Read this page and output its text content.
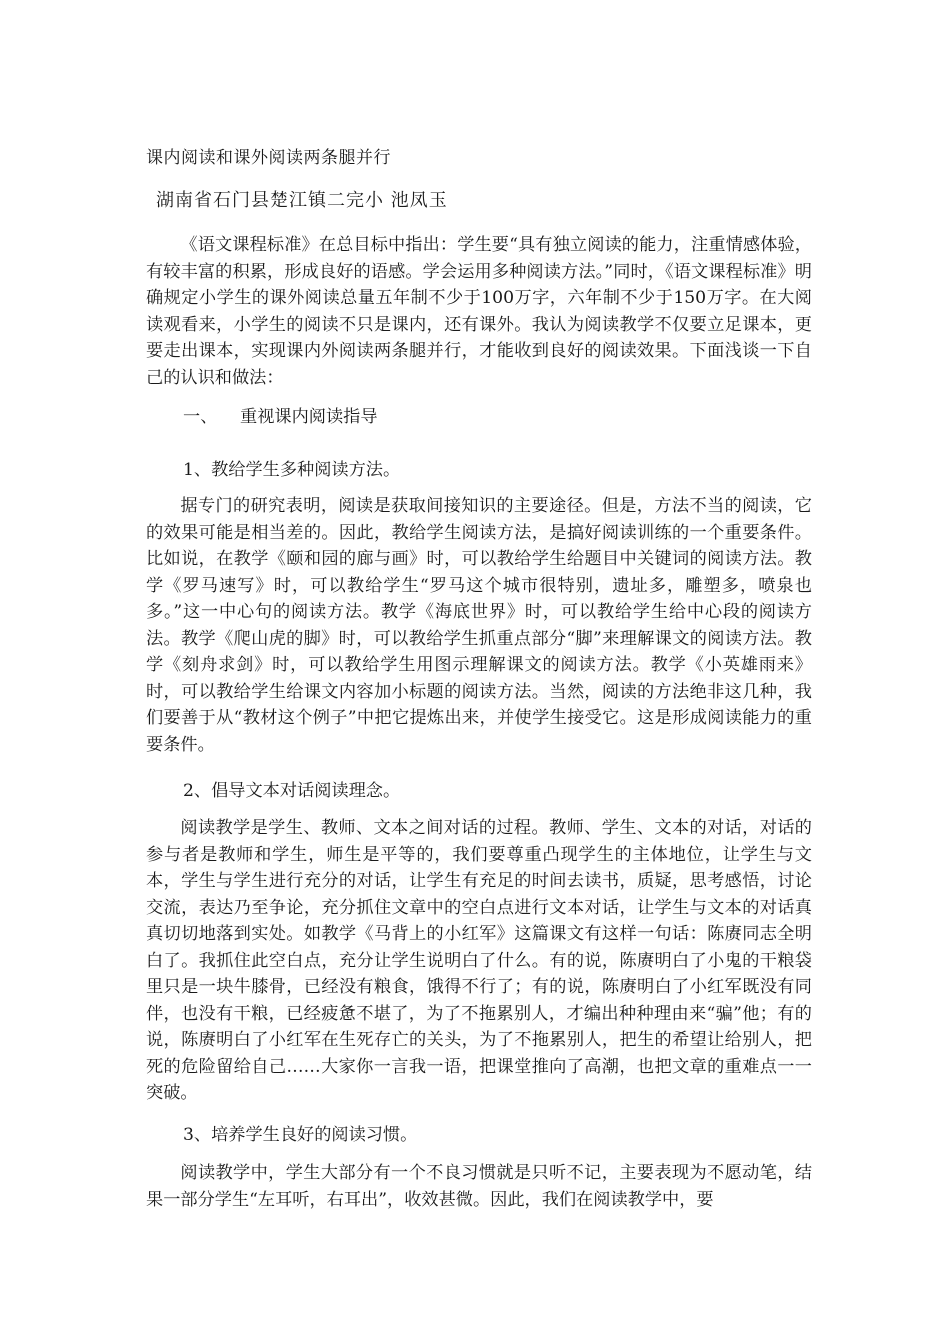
课内阅读和课外阅读两条腿并行
湖南省石门县楚江镇二完小 池凤玉

《语文课程标准》在总目标中指出：学生要“具有独立阅读的能力，注重情感体验，有较丰富的积累，形成良好的语感。学会运用多种阅读方法。”同时，《语文课程标准》明确规定小学生的课外阅读总量五年制不少于100万字，六年制不少于150万字。在大阅读观看来，小学生的阅读不只是课内，还有课外。我认为阅读教学不仅要立足课本，更要走出课本，实现课内外阅读两条腿并行，才能收到良好的阅读效果。下面浅谈一下自己的认识和做法：

一、 重视课内阅读指导

1、教给学生多种阅读方法。

据专门的研究表明，阅读是获取间接知识的主要途径。但是，方法不当的阅读，它的效果可能是相当差的。因此，教给学生阅读方法，是搞好阅读训练的一个重要条件。比如说，在教学《颐和园的廊与画》时，可以教给学生给题目中关键词的阅读方法。教学《罗马速写》时，可以教给学生“罗马这个城市很特别，遗址多，雕塑多，喷泉也多。”这一中心句的阅读方法。教学《海底世界》时，可以教给学生给中心段的阅读方法。教学《爬山虎的脚》时，可以教给学生抓重点部分“脚”来理解课文的阅读方法。教学《刻舟求剑》时，可以教给学生用图示理解课文的阅读方法。教学《小英雄雨来》时，可以教给学生给课文内容加小标题的阅读方法。当然，阅读的方法绝非这几种，我们要善于从“教材这个例子”中把它提炼出来，并使学生接受它。这是形成阅读能力的重要条件。

2、倡导文本对话阅读理念。

阅读教学是学生、教师、文本之间对话的过程。教师、学生、文本的对话，对话的参与者是教师和学生，师生是平等的，我们要尊重凸现学生的主体地位，让学生与文本，学生与学生进行充分的对话，让学生有充足的时间去读书，质疑，思考感悟，讨论交流，表达乃至争论，充分抓住文章中的空白点进行文本对话，让学生与文本的对话真真切切地落到实处。如教学《马背上的小红军》这篇课文有这样一句话：陈赓同志全明白了。我抓住此空白点，充分让学生说明白了什么。有的说，陈赓明白了小鬼的干粮袋里只是一块牛膝骨，已经没有粮食，饿得不行了；有的说，陈赓明白了小红军既没有同伴，也没有干粮，已经疲惫不堪了，为了不拖累别人，才编出种种理由来“骗”他；有的说，陈赓明白了小红军在生死存亡的关头，为了不拖累别人，把生的希望让给别人，把死的危险留给自己……大家你一言我一语，把课堂推向了高潮，也把文章的重难点一一突破。

3、培养学生良好的阅读习惯。

阅读教学中，学生大部分有一个不良习惯就是只听不记，主要表现为不愿动笔，结果一部分学生“左耳听，右耳出”，收效甚微。因此，我们在阅读教学中，要
